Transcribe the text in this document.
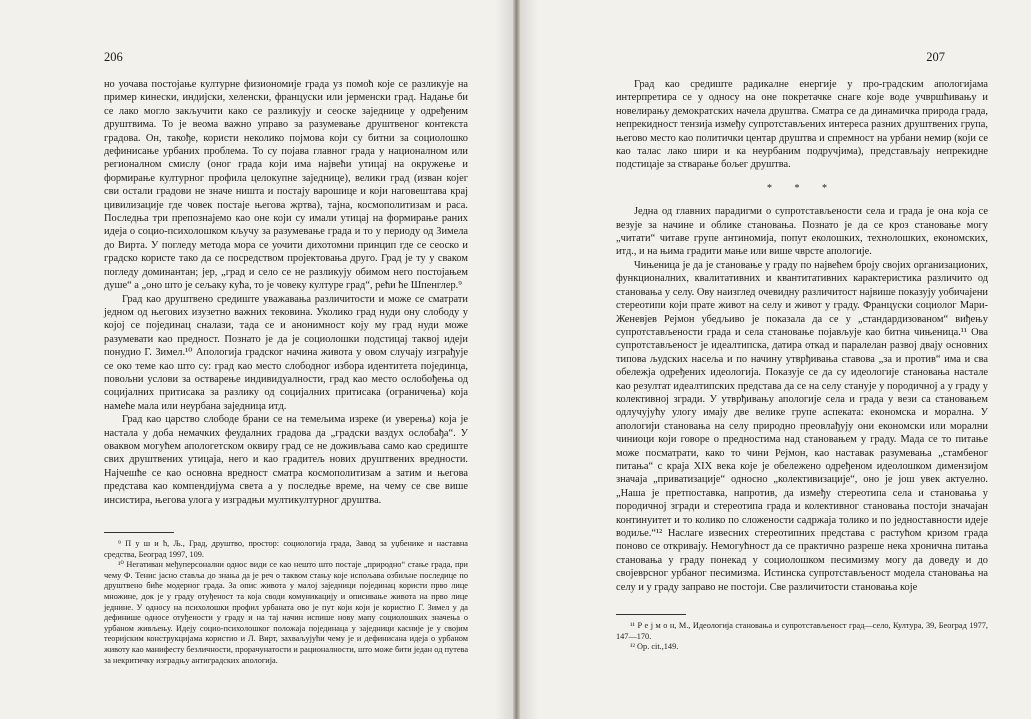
206

но уочава постојање културне физиономије града уз помоћ које се разликује на пример кинески, индијски, хеленски, француски или јерменски град. Надање би се лако могло закључити како се разликују и сеоске заједнице у одређеним друштвима. То је веома важно управо за разумевање друштвеног контекста градова. Он, такође, користи неколико појмова који су битни за социолошко дефинисање урбаних проблема. То су појава главног града у националном или регионалном смислу (оног града који има највећи утицај на окружење и формирање културног профила целокупне заједнице), велики град (изван којег сви остали градови не значе ништа и постају варошице и који наговештава крај цивилизације где човек постаје његова жртва), тајна, космополитизам и раса. Последња три препознајемо као оне који су имали утицај на формирање раних идеја о социо-психолошком кључу за разумевање града и то у периоду од Зимела до Вирта. У погледу метода мора се уочити дихотомни принцип где се сеоско и градско користе тако да се посредством пројектовања друго. Град је ту у сваком погледу доминантан; јер, „град и село се не разликују обимом него постојањем душе“ а „оно што је сељаку кућа, то је човеку културе град“, рећи ће Шпенглер.⁹

Град као друштвено средиште уважавања различитости и може се сматрати једном од његових изузетно важних тековина. Уколико град нуди ону слободу у којој се појединац сналази, тада се и анонимност коју му град нуди може разумевати као предност. Познато је да је социолошки подстицај таквој идеји понудио Г. Зимел.¹⁰ Апологија градског начина живота у овом случају изграђује се око теме као што су: град као место слободног избора идентитета појединца, повољни услови за остварење индивидуалности, град као место ослобођења од социјалних притисака за разлику од социјалних притисака (ограничења) која намеће мала или неурбана заједница итд.

Град као царство слободе брани се на темељима изреке (и уверења) која је настала у доба немачких феудалних градова да „градски ваздух ослобађа“. У оваквом могућем апологетском оквиру град се не доживљава само као средиште свих друштвених утицаја, него и као градитељ нових друштвених вредности. Најчешће се као основна вредност сматра космополитизам а затим и његова представа као компендијума света а у последње време, на чему се све више инсистира, његова улога у изградњи мултикултурног друштва.

⁹ П у ш и ћ, Љ., Град, друштво, простор: социологија града, Завод за уџбенике и наставна средства, Београд 1997, 109.

¹⁰ Негативан међуперсонални однос види се као нешто што постаје „природно“ стање града, при чему Ф. Тенис јасно ставља до знања да је реч о таквом стању које испољава озбиљне последице по друштвено биће модерног града. За опис живота у малој заједници појединац користи прво лице множине, док је у граду отуђеност та која своди комуникацију и описивање живота на прво лице једнине. У односу на психолошки профил урбаната ово је пут који који је користио Г. Зимел у да дефинише односе отуђености у граду и на тај начин испише нову мапу социолошких значења о урбаном живљењу. Идеју социо-психолошког положаја појединаца у заједници касније је у својим теоријским конструкцијама користио и Л. Вирт, захваљујући чему је и дефинисана идеја о урбаном животу као манифесту безличности, прорачунатости и рационалности, што може бити један од путева за некритичку изградњу антиградских апологија.

207

Град као средиште радикалне енергије у про-градским апологијама интерпретира се у односу на оне покретачке снаге које воде учвршћивању и новелирању демократских начела друштва. Сматра се да динамичка природа града, непрекидност тензија између супротстављених интереса разних друштвених група, његово место као политички центар друштва и спремност на урбани немир (који се као талас лако шири и ка неурбаним подручјима), представљају непрекидне подстицаје за стварање бољег друштва.

* * *

Једна од главних парадигми о супротстављености села и града је она која се везује за начине и облике становања. Познато је да се кроз становање могу „читати“ читаве групе антиномија, попут еколошких, технолошких, економских, итд., и на њима градити мање или више чврсте апологије.

Чињеница је да је становање у граду по највећем броју својих организационих, функционалних, квалитативних и квантитативних карактеристика различито од становања у селу. Ову наизглед очевидну различитост највише показују уобичајени стереотипи који прате живот на селу и живот у граду. Француски социолог Мари-Женевјев Рејмон убедљиво је показала да се у „стандардизованом“ виђењу супротстављености града и села становање појављује као битна чињеница.¹¹ Ова супротстављеност је идеалтипска, датира откад и паралелан развој двају основних типова људских насеља и по начину утврђивања ставова „за и против“ има и сва обележја одређених идеологија. Показује се да су идеологије становања настале као резултат идеалтипских представа да се на селу станује у породичној а у граду у колективној згради. У утврђивању апологије села и града у вези са становањем одлучујућу улогу имају две велике групе аспеката: економска и морална. У апологији становања на селу природно преовлађују они економски или морални чиниоци који говоре о предностима над становањем у граду. Мада се то питање може посматрати, како то чини Рејмон, као наставак разумевања „стамбеног питања“ с краја XIX века које је обележено одређеном идеолошком димензијом значаја „приватизације“ односно „колективизације“, оно је још увек актуелно. „Наша је претпоставка, напротив, да између стереотипа села и становања у породичној згради и стереотипа града и колективног становања постоји значајан континуитет и то колико по сложености садржаја толико и по једноставности идеје водиље.“¹² Наслаге извесних стереотипних представа с растућом кризом града поново се откривају. Немогућност да се практично разреше нека хронична питања становања у граду понекад у социолошком песимизму могу да доведу и до својеврсног урбаног песимизма. Истинска супротстављеност модела становања на селу и у граду заправо не постоји. Све различитости становања које

¹¹ Р е ј м о н, М., Идеологија становања и супротстављеност град—село, Култура, 39, Београд 1977, 147—170.

¹² Op. cit.,149.
